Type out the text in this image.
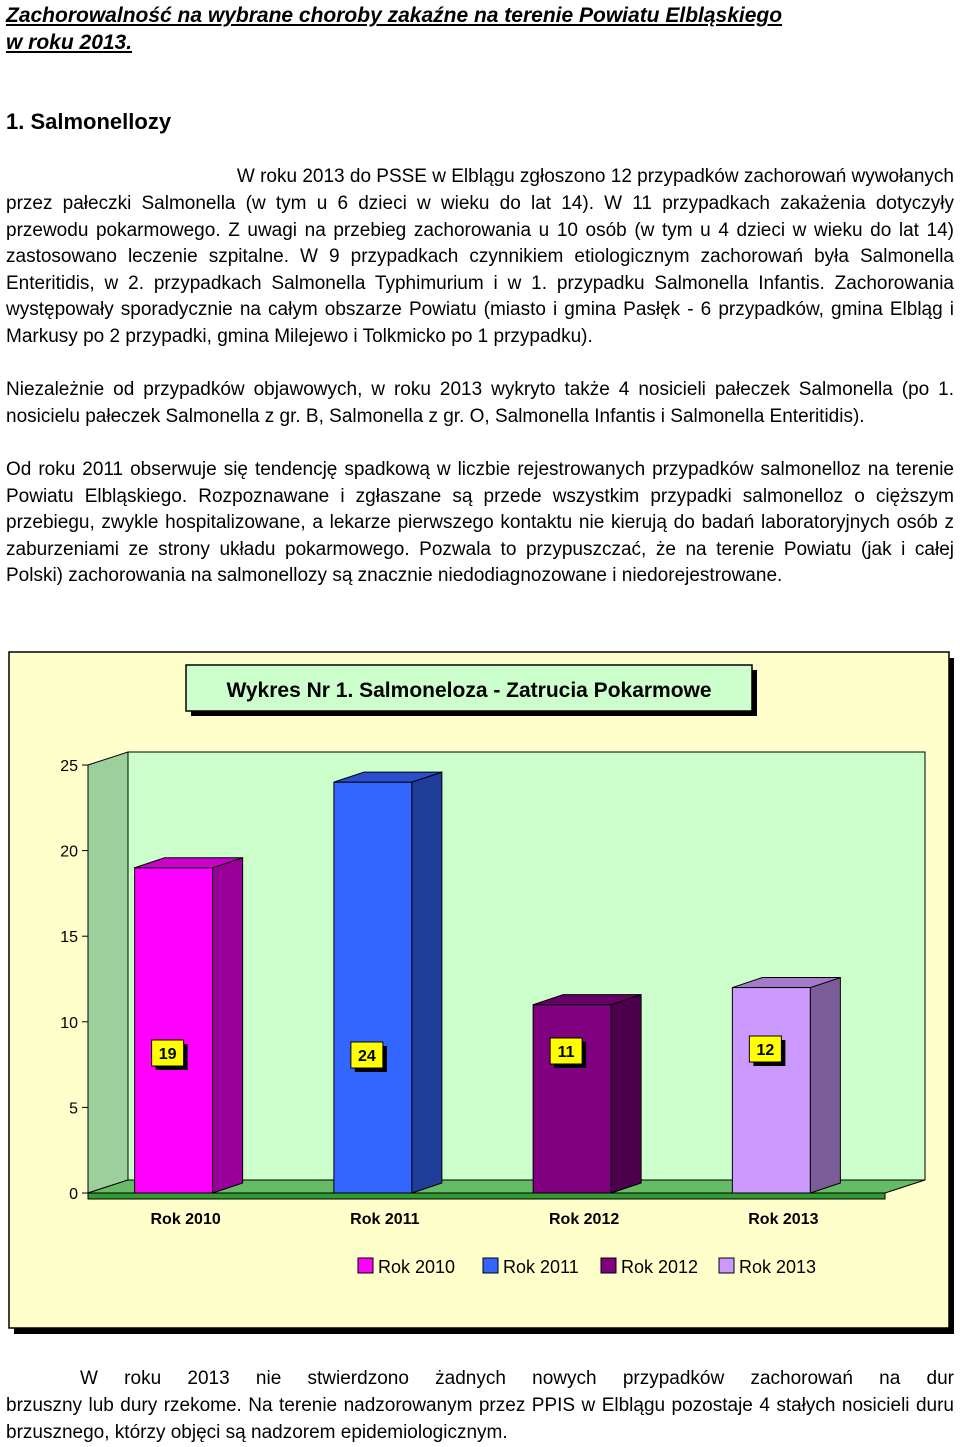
Zachorowalność na wybrane choroby zakaźne na terenie Powiatu Elbląskiego
w roku 2013.

1. Salmonellozy

W roku 2013 do PSSE w Elblągu zgłoszono 12 przypadków zachorowań wywołanych

przez pałeczki Salmonella (w tym u 6 dzieci w wieku do lat 14). W 11 przypadkach zakażenia dotyczyły przewodu pokarmowego. Z uwagi na przebieg zachorowania u 10 osób (w tym u 4 dzieci w wieku do lat 14) zastosowano leczenie szpitalne. W 9 przypadkach czynnikiem etiologicznym zachorowań była Salmonella Enteritidis, w 2. przypadkach Salmonella Typhimurium i w 1. przypadku Salmonella Infantis. Zachorowania występowały sporadycznie na całym obszarze Powiatu (miasto i gmina Pasłęk - 6 przypadków, gmina Elbląg i Markusy po 2 przypadki, gmina Milejewo i Tolkmicko po 1 przypadku).

Niezależnie od przypadków objawowych, w roku 2013 wykryto także 4 nosicieli pałeczek Salmonella (po 1. nosicielu pałeczek Salmonella z gr. B, Salmonella z gr. O, Salmonella Infantis i Salmonella Enteritidis).

Od roku 2011 obserwuje się tendencję spadkową w liczbie rejestrowanych przypadków salmonelloz na terenie Powiatu Elbląskiego. Rozpoznawane i zgłaszane są przede wszystkim przypadki salmonelloz o cięższym przebiegu, zwykle hospitalizowane, a lekarze pierwszego kontaktu nie kierują do badań laboratoryjnych osób z zaburzeniami ze strony układu pokarmowego. Pozwala to przypuszczać, że na terenie Powiatu (jak i całej Polski) zachorowania na salmonellozy są znacznie niedodiagnozowane i niedorejestrowane.

Wykres Nr 1. Salmoneloza - Zatrucia Pokarmowe
0
5
10
15
20
25
19
Rok 2010
24
Rok 2011
11
Rok 2012
12
Rok 2013
Rok 2010	Rok 2011 Rok 2012 Rok 2013

W roku 2013 nie stwierdzono żadnych nowych przypadków zachorowań na dur

brzuszny lub dury rzekome. Na terenie nadzorowanym przez PPIS w Elblągu pozostaje 4 stałych nosicieli duru brzusznego, którzy objęci są nadzorem epidemiologicznym.
